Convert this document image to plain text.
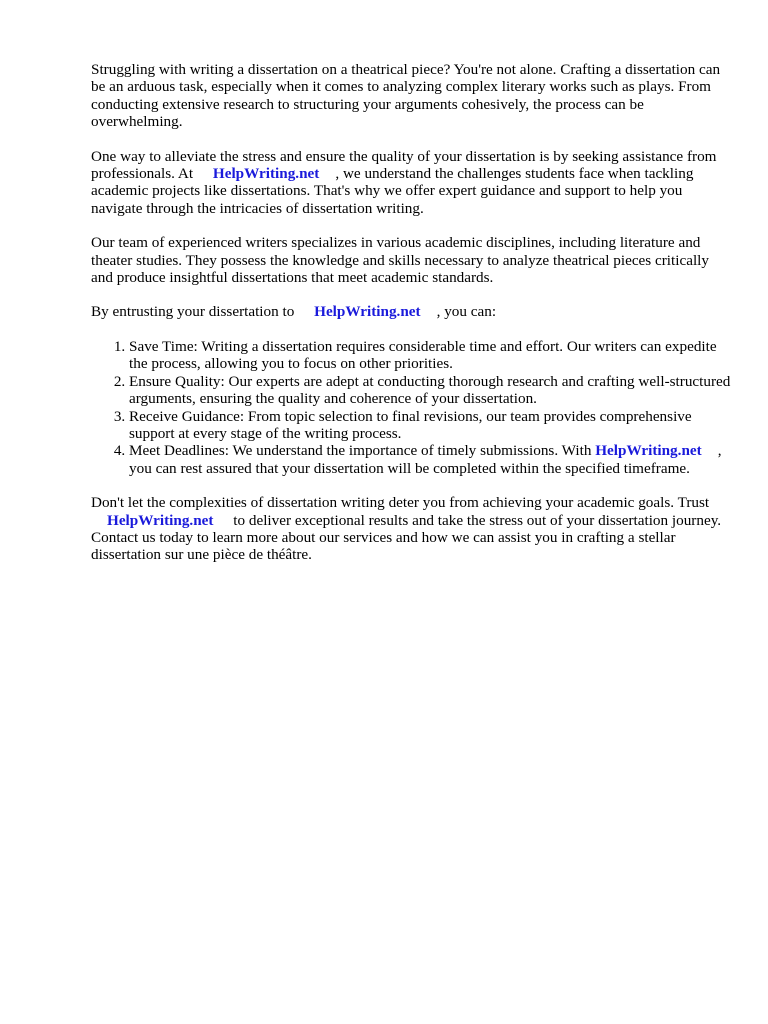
Struggling with writing a dissertation on a theatrical piece? You're not alone. Crafting a dissertation can be an arduous task, especially when it comes to analyzing complex literary works such as plays. From conducting extensive research to structuring your arguments cohesively, the process can be overwhelming.

One way to alleviate the stress and ensure the quality of your dissertation is by seeking assistance from professionals. At HelpWriting.net , we understand the challenges students face when tackling academic projects like dissertations. That's why we offer expert guidance and support to help you navigate through the intricacies of dissertation writing.

Our team of experienced writers specializes in various academic disciplines, including literature and theater studies. They possess the knowledge and skills necessary to analyze theatrical pieces critically and produce insightful dissertations that meet academic standards.

By entrusting your dissertation to HelpWriting.net , you can:

1. Save Time: Writing a dissertation requires considerable time and effort. Our writers can expedite the process, allowing you to focus on other priorities.
2. Ensure Quality: Our experts are adept at conducting thorough research and crafting well-structured arguments, ensuring the quality and coherence of your dissertation.
3. Receive Guidance: From topic selection to final revisions, our team provides comprehensive support at every stage of the writing process.
4. Meet Deadlines: We understand the importance of timely submissions. With HelpWriting.net , you can rest assured that your dissertation will be completed within the specified timeframe.

Don't let the complexities of dissertation writing deter you from achieving your academic goals. Trust HelpWriting.net to deliver exceptional results and take the stress out of your dissertation journey. Contact us today to learn more about our services and how we can assist you in crafting a stellar dissertation sur une pièce de théâtre.
